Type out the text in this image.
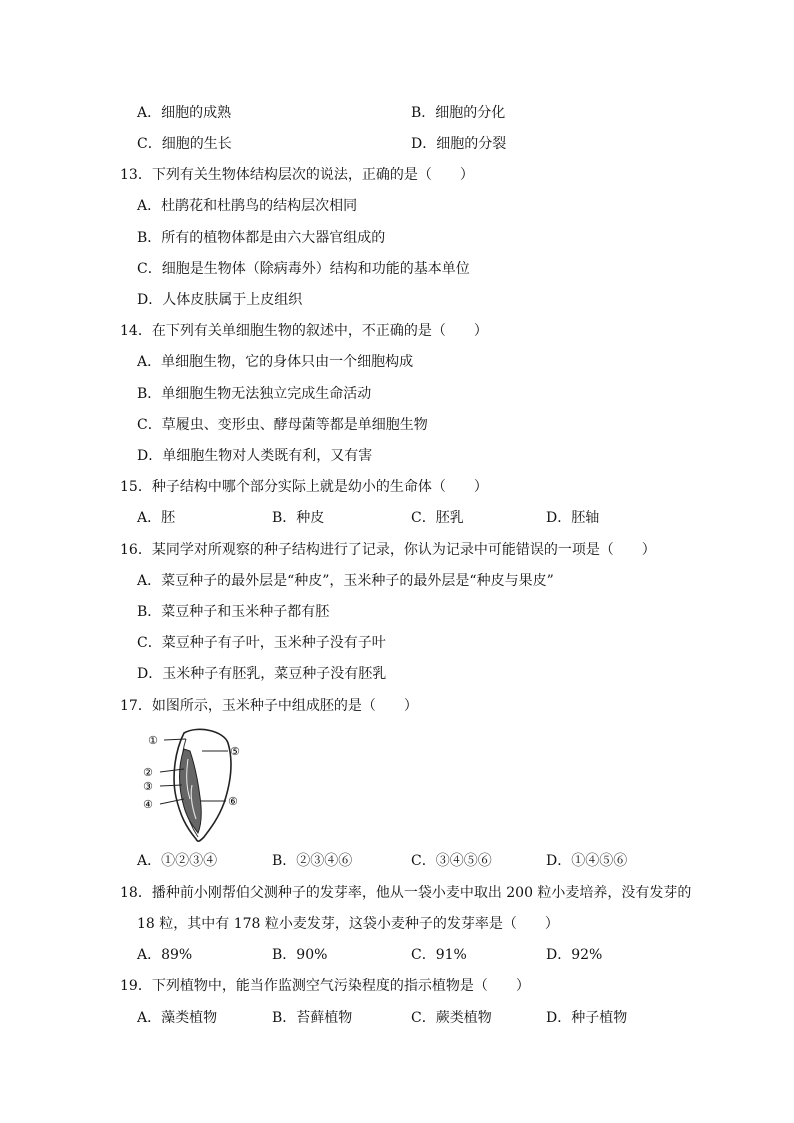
A．细胞的成熟	B．细胞的分化
C．细胞的生长	D．细胞的分裂
13．下列有关生物体结构层次的说法，正确的是（　　）
A．杜鹃花和杜鹃鸟的结构层次相同
B．所有的植物体都是由六大器官组成的
C．细胞是生物体（除病毒外）结构和功能的基本单位
D．人体皮肤属于上皮组织
14．在下列有关单细胞生物的叙述中，不正确的是（　　）
A．单细胞生物，它的身体只由一个细胞构成
B．单细胞生物无法独立完成生命活动
C．草履虫、变形虫、酵母菌等都是单细胞生物
D．单细胞生物对人类既有利，又有害
15．种子结构中哪个部分实际上就是幼小的生命体（　　）
A．胚	B．种皮	C．胚乳	D．胚轴
16．某同学对所观察的种子结构进行了记录，你认为记录中可能错误的一项是（　　）
A．菜豆种子的最外层是“种皮”，玉米种子的最外层是“种皮与果皮”
B．菜豆种子和玉米种子都有胚
C．菜豆种子有子叶，玉米种子没有子叶
D．玉米种子有胚乳，菜豆种子没有胚乳
17．如图所示，玉米种子中组成胚的是（　　）
①
⑤
②
③
④	⑥
A．①②③④	B．②③④⑥	C．③④⑤⑥	D．①④⑤⑥
18．播种前小刚帮伯父测种子的发芽率，他从一袋小麦中取出 200 粒小麦培养，没有发芽的
18 粒，其中有 178 粒小麦发芽，这袋小麦种子的发芽率是（　　）
A．89%	B．90%	C．91%	D．92%
19．下列植物中，能当作监测空气污染程度的指示植物是（　　）
A．藻类植物	B．苔藓植物	C．蕨类植物	D．种子植物
